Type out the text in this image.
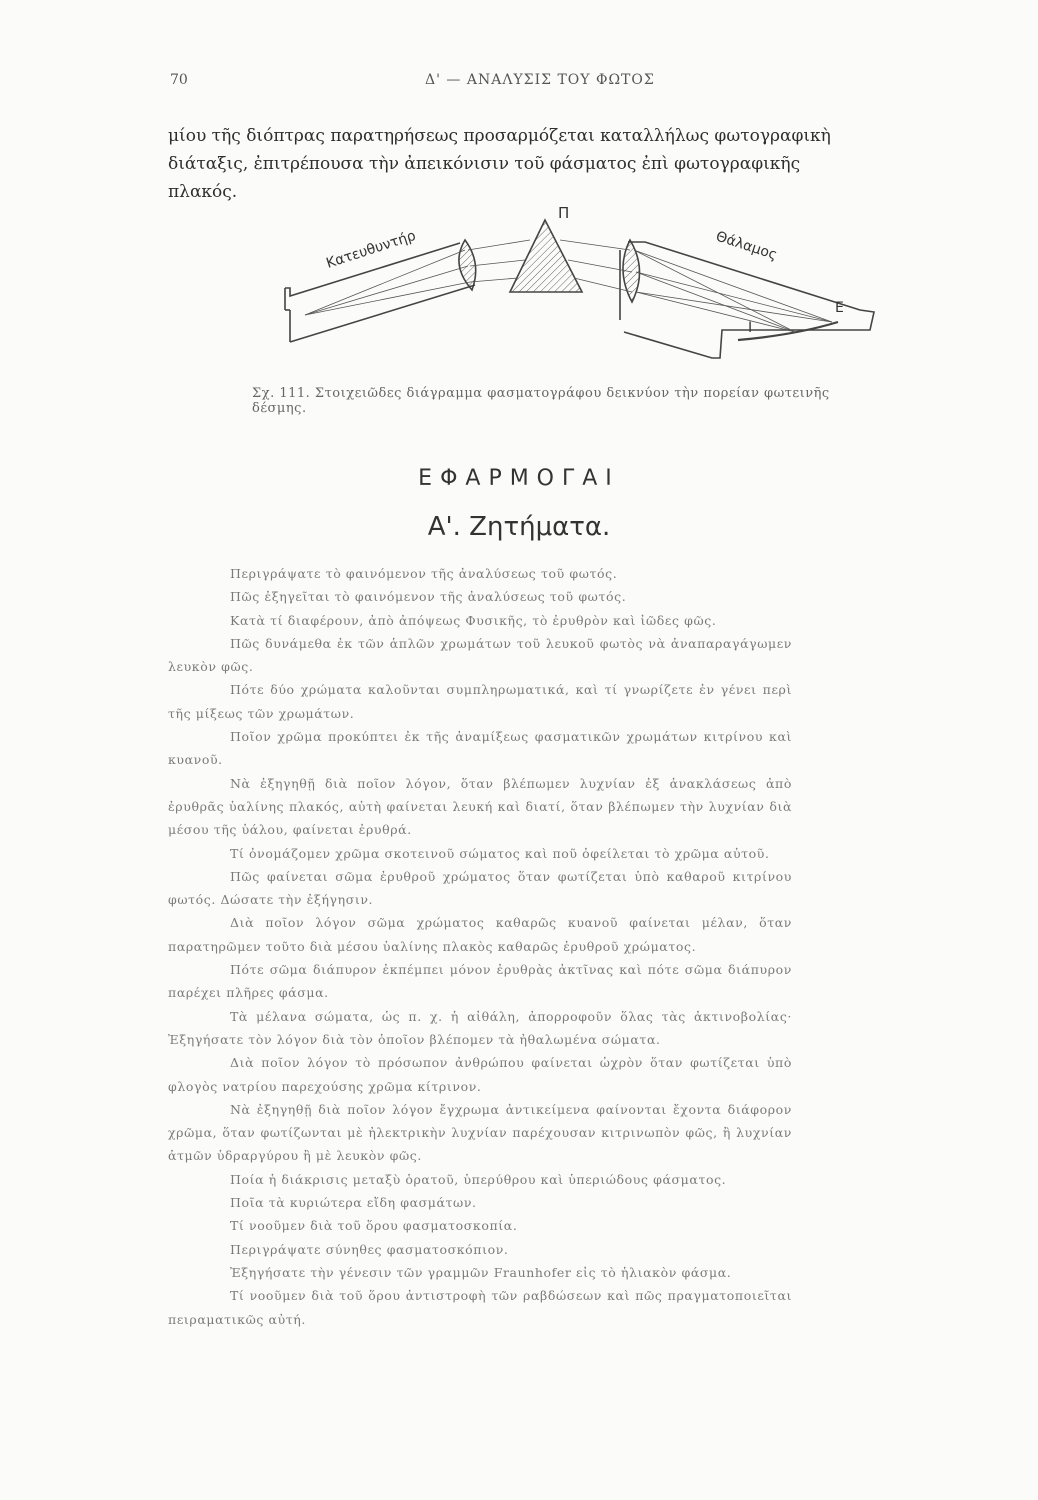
70	Δ' — ΑΝΑΛΥΣΙΣ ΤΟΥ ΦΩΤΟΣ
μίου τῆς διόπτρας παρατηρήσεως προσαρμόζεται καταλλήλως φωτογραφικὴ διάταξις, ἐπιτρέπουσα τὴν ἀπεικόνισιν τοῦ φάσματος ἐπὶ φωτογραφικῆς πλακός.
Κατευθυντήρ
Π
Θάλαμος
Ι
Ε
Σχ. 111. Στοιχειῶδες διάγραμμα φασματογράφου δεικνύον τὴν πορείαν φωτεινῆς δέσμης.
ΕΦΑΡΜΟΓΑΙ
Α'. Ζητήματα.

Περιγράψατε τὸ φαινόμενον τῆς ἀναλύσεως τοῦ φωτός.

Πῶς ἐξηγεῖται τὸ φαινόμενον τῆς ἀναλύσεως τοῦ φωτός.

Κατὰ τί διαφέρουν, ἀπὸ ἀπόψεως Φυσικῆς, τὸ ἐρυθρὸν καὶ ἰῶδες φῶς.

Πῶς δυνάμεθα ἐκ τῶν ἁπλῶν χρωμάτων τοῦ λευκοῦ φωτὸς νὰ ἀναπαραγάγωμεν λευκὸν φῶς.

Πότε δύο χρώματα καλοῦνται συμπληρωματικά, καὶ τί γνωρίζετε ἐν γένει περὶ τῆς μίξεως τῶν χρωμάτων.

Ποῖον χρῶμα προκύπτει ἐκ τῆς ἀναμίξεως φασματικῶν χρωμάτων κιτρίνου καὶ κυανοῦ.

Νὰ ἐξηγηθῇ διὰ ποῖον λόγον, ὅταν βλέπωμεν λυχνίαν ἐξ ἀνακλάσεως ἀπὸ ἐρυθρᾶς ὑαλίνης πλακός, αὐτὴ φαίνεται λευκή καὶ διατί, ὅταν βλέπωμεν τὴν λυχνίαν διὰ μέσου τῆς ὑάλου, φαίνεται ἐρυθρά.

Τί ὀνομάζομεν χρῶμα σκοτεινοῦ σώματος καὶ ποῦ ὀφείλεται τὸ χρῶμα αὐτοῦ.

Πῶς φαίνεται σῶμα ἐρυθροῦ χρώματος ὅταν φωτίζεται ὑπὸ καθαροῦ κιτρίνου φωτός. Δώσατε τὴν ἐξήγησιν.

Διὰ ποῖον λόγον σῶμα χρώματος καθαρῶς κυανοῦ φαίνεται μέλαν, ὅταν παρατηρῶμεν τοῦτο διὰ μέσου ὑαλίνης πλακὸς καθαρῶς ἐρυθροῦ χρώματος.

Πότε σῶμα διάπυρον ἐκπέμπει μόνον ἐρυθρὰς ἀκτῖνας καὶ πότε σῶμα διάπυρον παρέχει πλῆρες φάσμα.

Τὰ μέλανα σώματα, ὡς π. χ. ἡ αἰθάλη, ἀπορροφοῦν ὅλας τὰς ἀκτινοβολίας· Ἐξηγήσατε τὸν λόγον διὰ τὸν ὁποῖον βλέπομεν τὰ ἠθαλωμένα σώματα.

Διὰ ποῖον λόγον τὸ πρόσωπον ἀνθρώπου φαίνεται ὠχρὸν ὅταν φωτίζεται ὑπὸ φλογὸς νατρίου παρεχούσης χρῶμα κίτρινον.

Νὰ ἐξηγηθῇ διὰ ποῖον λόγον ἔγχρωμα ἀντικείμενα φαίνονται ἔχοντα διάφορον χρῶμα, ὅταν φωτίζωνται μὲ ἠλεκτρικὴν λυχνίαν παρέχουσαν κιτρινωπὸν φῶς, ἢ λυχνίαν ἀτμῶν ὑδραργύρου ἢ μὲ λευκὸν φῶς.

Ποία ἡ διάκρισις μεταξὺ ὁρατοῦ, ὑπερύθρου καὶ ὑπεριώδους φάσματος.

Ποῖα τὰ κυριώτερα εἴδη φασμάτων.

Τί νοοῦμεν διὰ τοῦ ὅρου φασματοσκοπία.

Περιγράψατε σύνηθες φασματοσκόπιον.

Ἐξηγήσατε τὴν γένεσιν τῶν γραμμῶν Fraunhofer εἰς τὸ ἡλιακὸν φάσμα.

Τί νοοῦμεν διὰ τοῦ ὅρου ἀντιστροφὴ τῶν ραβδώσεων καὶ πῶς πραγματοποιεῖται πειραματικῶς αὐτή.
